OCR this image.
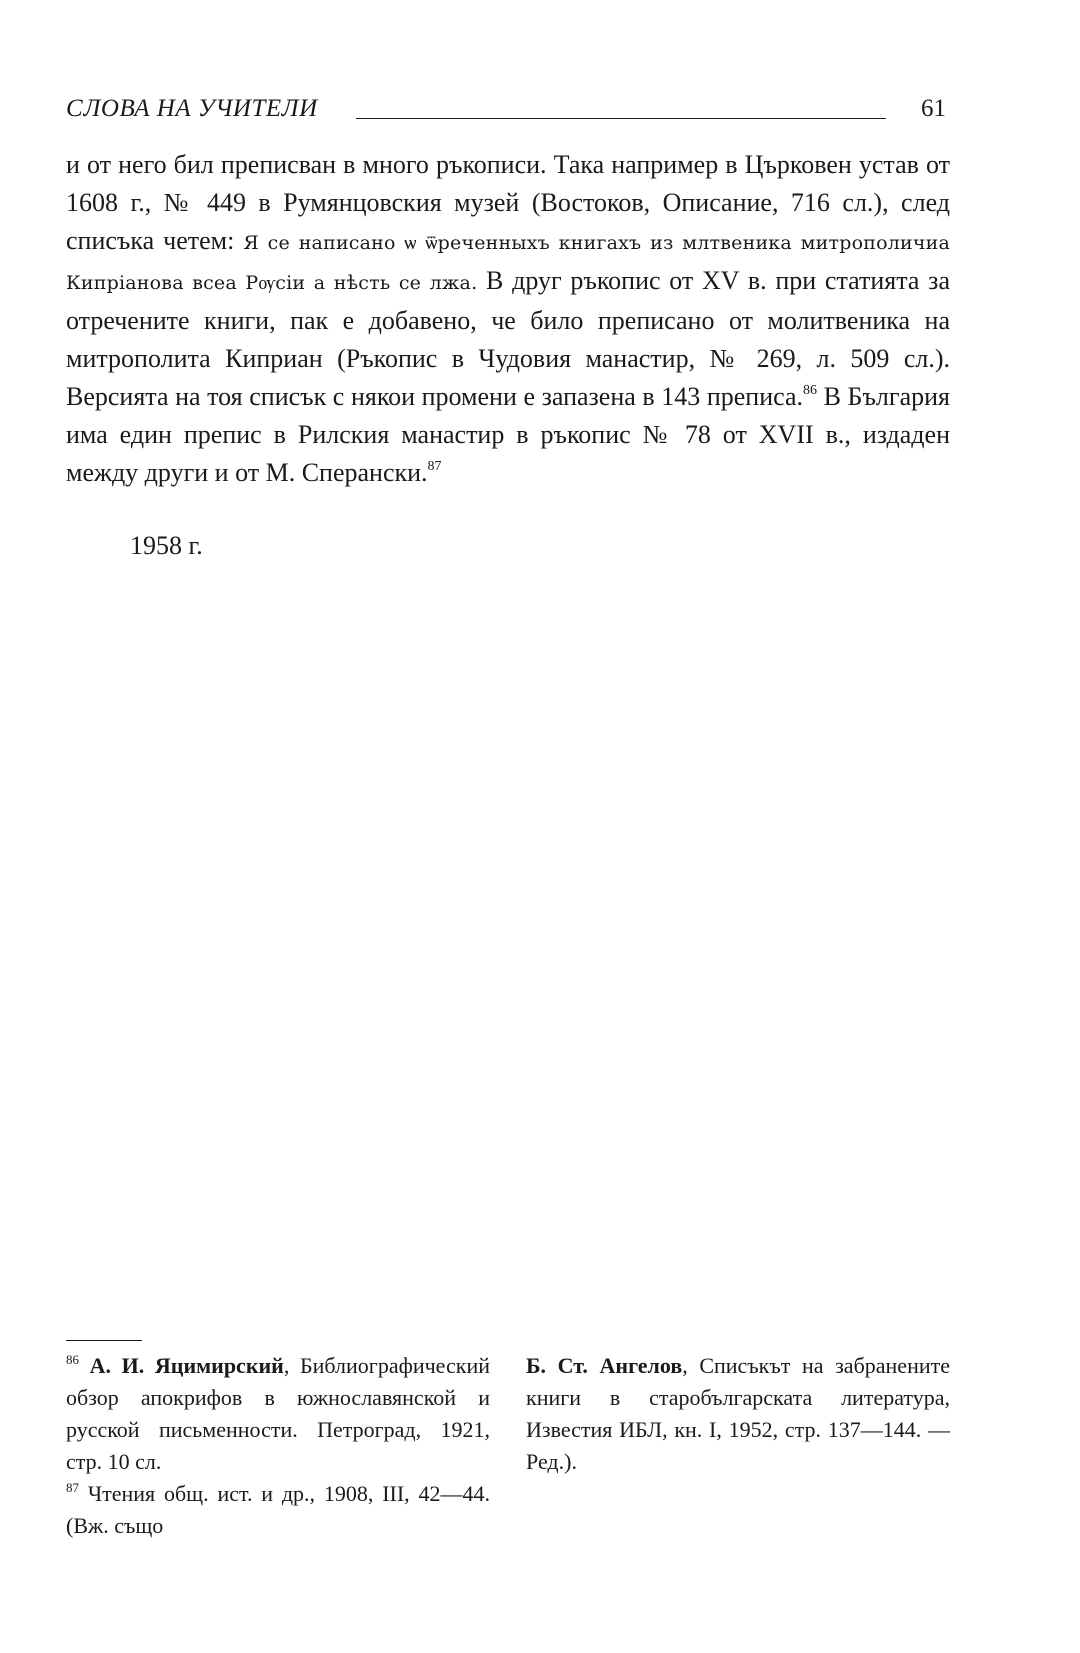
СЛОВА НА УЧИТЕЛИ	61

и от него бил преписван в много ръкописи. Така например в Църковен устав от 1608 г., № 449 в Румянцовския музей (Востоков, Описание, 716 сл.), след списъка четем: Я се написано ѡ ѿреченныхъ книгахъ из млтвеника митрополичиа Кипріанова всеа Рѹсіи а нѣсть се лжа. В друг ръкопис от XV в. при статията за отречените книги, пак е добавено, че било преписано от молитвеника на митрополита Киприан (Ръкопис в Чудовия манастир, № 269, л. 509 сл.). Версията на тоя списък с някои промени е запазена в 143 преписа.$^{86}$ В България има един препис в Рилския манастир в ръкопис № 78 от XVII в., издаден между други и от М. Сперански.$^{87}$

1958 г.

$^{86}$ А. И. Яцимирский, Библиографический обзор апокрифов в южнославянской и русской письменности. Петроград, 1921, стр. 10 сл.

$^{87}$ Чтения общ. ист. и др., 1908, III, 42—44. (Вж. също

Б. Ст. Ангелов, Списъкът на забранените книги в старобългарската литература, Известия ИБЛ, кн. I, 1952, стр. 137—144. — Ред.).
